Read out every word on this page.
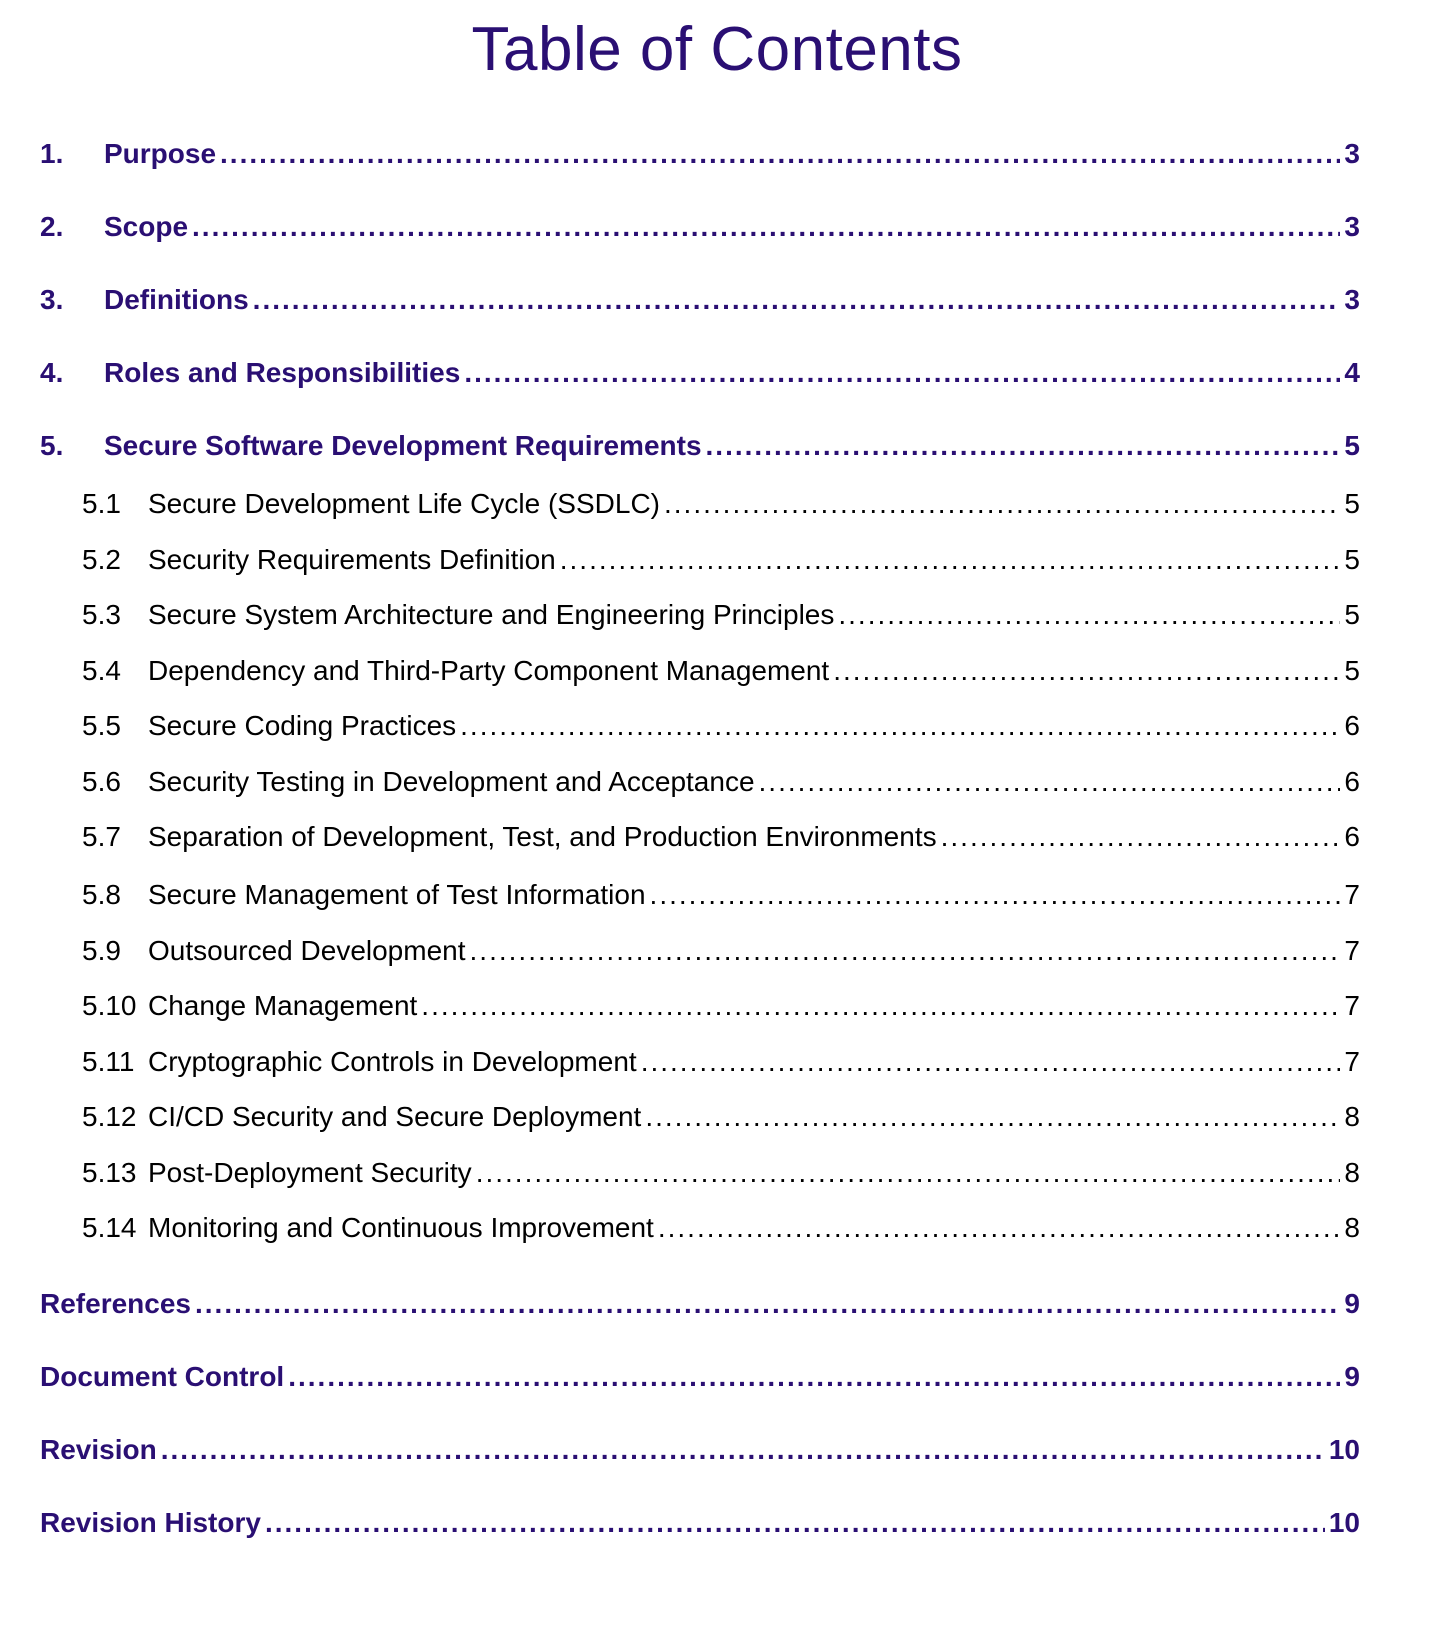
Table of Contents
1.	Purpose .....	3
2.	Scope .....	3
3.	Definitions .....	3
4.	Roles and Responsibilities .....	4
5.	Secure Software Development Requirements .....	5
5.1 Secure Development Life Cycle (SSDLC) .....	5
5.2 Security Requirements Definition .....	5
5.3 Secure System Architecture and Engineering Principles .....	5
5.4 Dependency and Third-Party Component Management .....	5
5.5 Secure Coding Practices .....	6
5.6 Security Testing in Development and Acceptance .....	6
5.7 Separation of Development, Test, and Production Environments .....	6
5.8 Secure Management of Test Information .....	7
5.9 Outsourced Development .....	7
5.10 Change Management .....	7
5.11 Cryptographic Controls in Development .....	7
5.12 CI/CD Security and Secure Deployment .....	8
5.13 Post-Deployment Security .....	8
5.14 Monitoring and Continuous Improvement .....	8
References .....	9
Document Control .....	9
Revision .....	10
Revision History .....	10
